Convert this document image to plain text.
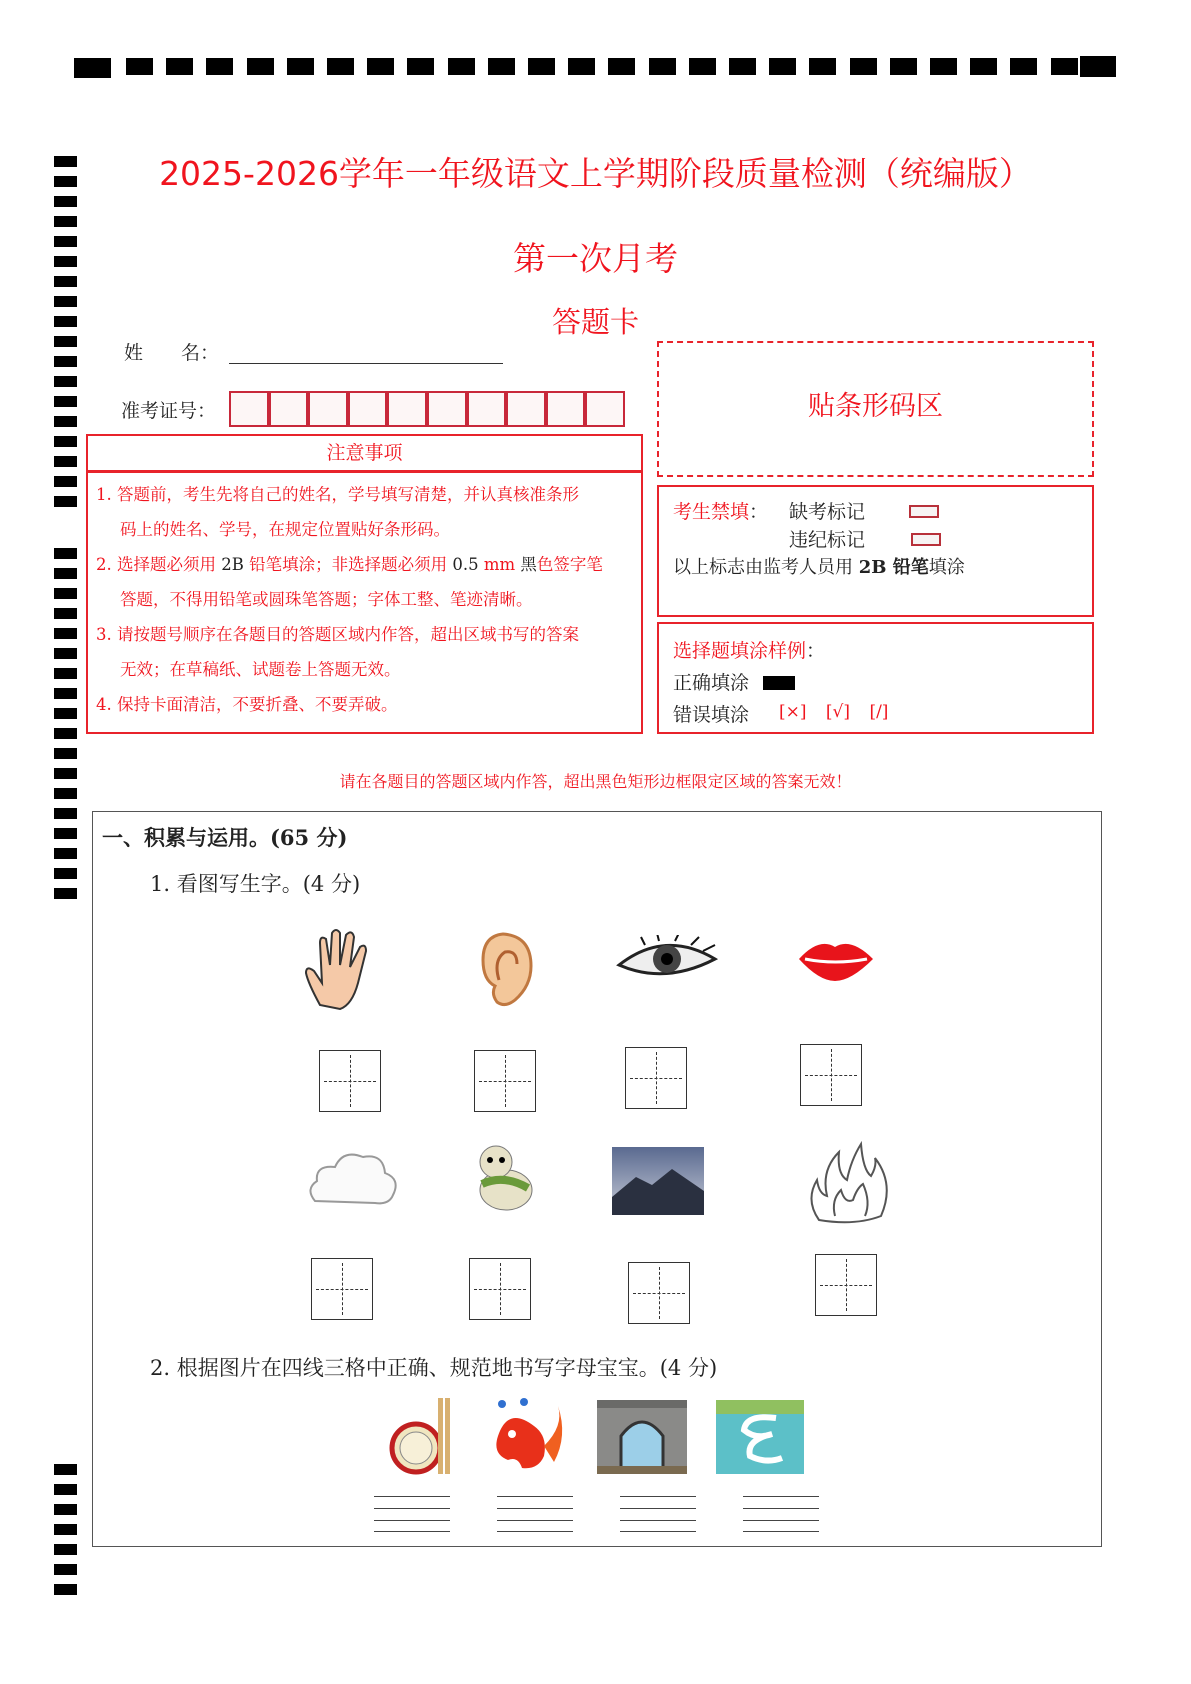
2025-2026学年一年级语文上学期阶段质量检测（统编版）
第一次月考
答题卡
姓　　名：
准考证号：
注意事项
1. 答题前，考生先将自己的姓名，学号填写清楚，并认真核准条形
码上的姓名、学号，在规定位置贴好条形码。
2. 选择题必须用 2B 铅笔填涂；非选择题必须用 0.5 mm 黑色签字笔
答题，不得用铅笔或圆珠笔答题；字体工整、笔迹清晰。
3. 请按题号顺序在各题目的答题区域内作答，超出区域书写的答案
无效；在草稿纸、试题卷上答题无效。
4. 保持卡面清洁，不要折叠、不要弄破。
贴条形码区
考生禁填： 缺考标记
违纪标记
以上标志由监考人员用 2B 铅笔填涂
选择题填涂样例：
正确填涂
错误填涂 [×] [√] [/]
请在各题目的答题区域内作答，超出黑色矩形边框限定区域的答案无效！
一、积累与运用。(65 分)
1. 看图写生字。(4 分)
2. 根据图片在四线三格中正确、规范地书写字母宝宝。(4 分)
